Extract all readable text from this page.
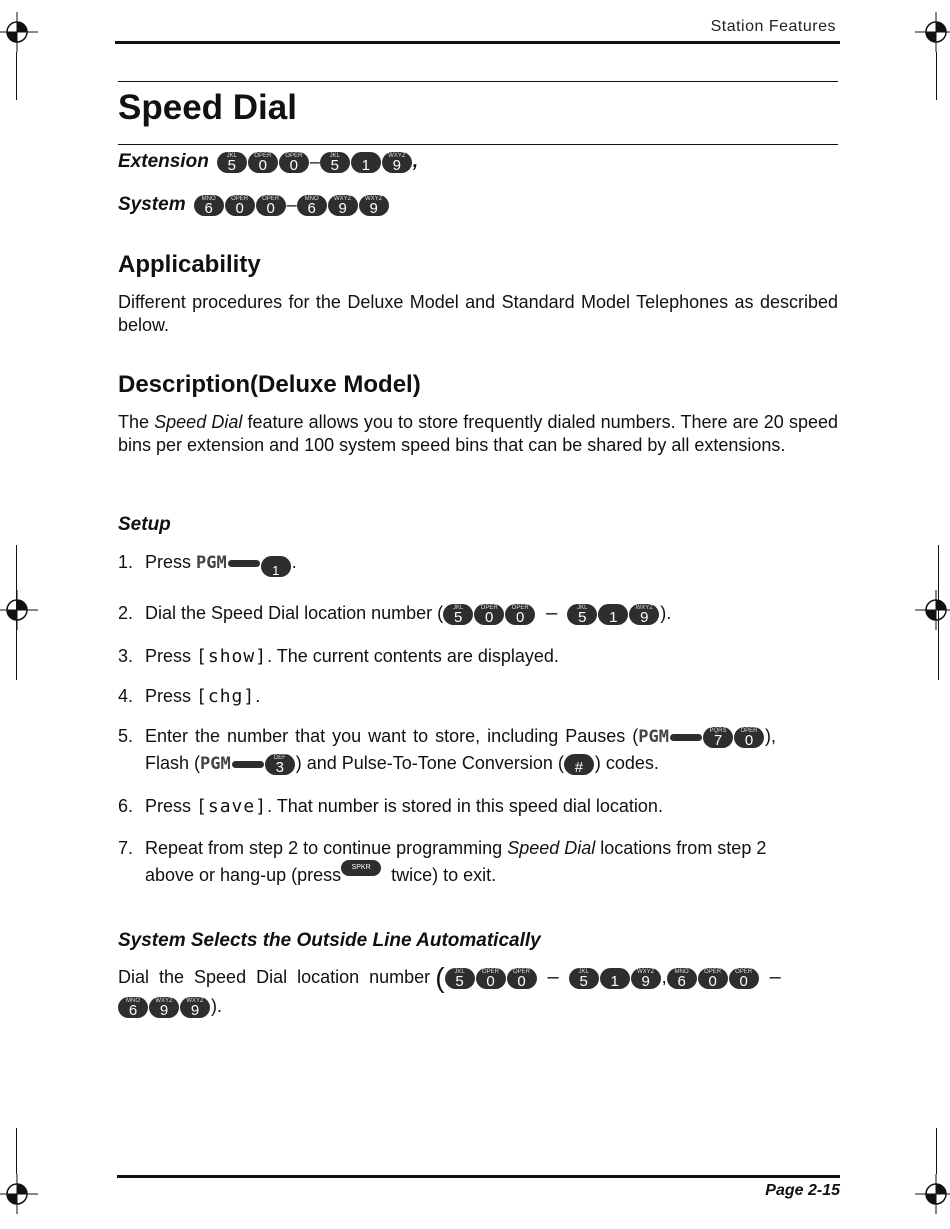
Station Features
Speed Dial
Extension	JKL
5
OPER
0
OPER
0 –	JKL
5	1
WXYZ
9 ,
System	MNO
6
OPER
0
OPER
0 –	MNO
6
WXYZ
9
WXYZ
9
Applicability
Different procedures for the Deluxe Model and Standard Model Telephones as described below.
Description(Deluxe Model)
The Speed Dial feature allows you to store frequently dialed numbers. There are 20 speed bins per extension and 100 system speed bins that can be shared by all extensions.
Setup
1. Press PGM	1 .
2. Dial the Speed Dial location number (	JKL
5
OPER
0
OPER
0	–	JKL
5	1
WXYZ
9 ).
3. Press [show]. The current contents are displayed.
4. Press [chg].
5. Enter the number that you want to store, including Pauses (PGM	PQRS
7
OPER
0 ),
Flash (PGM	DEF
3 ) and Pulse-To-Tone Conversion ( # ) codes.
6. Press [save]. That number is stored in this speed dial location.
7. Repeat from step 2 to continue programming Speed Dial locations from step 2
above or hang-up (press SPKR twice) to exit.
System Selects the Outside Line Automatically
Dial the Speed Dial location number (	JKL
5
OPER
0
OPER
0	–	JKL
5	1
WXYZ
9 ,	MNO
6
OPER
0
OPER
0	–
MNO
6
WXYZ
9
WXYZ
9 ).
Page 2-15
